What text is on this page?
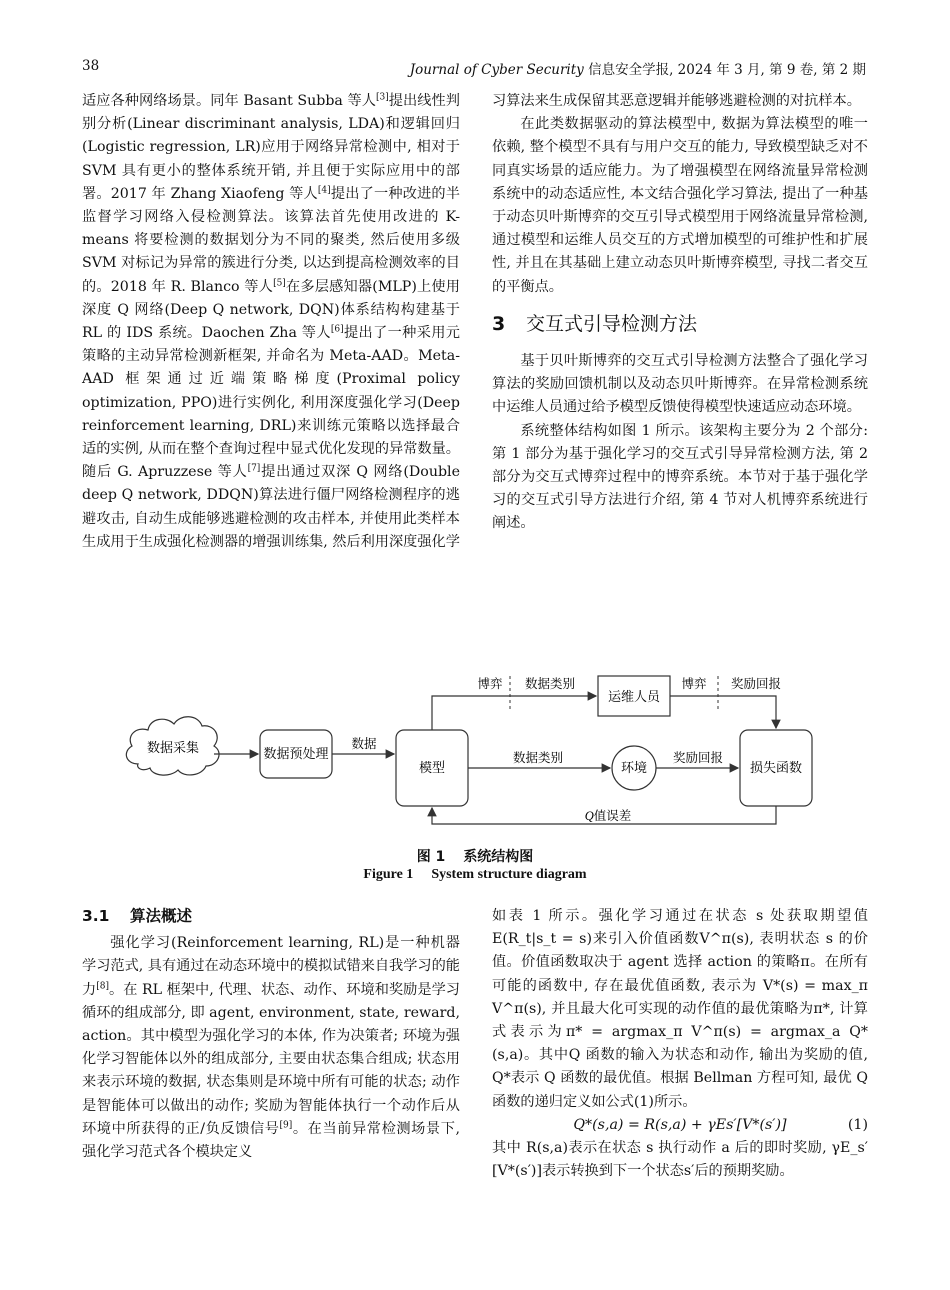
38	Journal of Cyber Security 信息安全学报, 2024 年 3 月, 第 9 卷, 第 2 期

适应各种网络场景。同年 Basant Subba 等人[3]提出线性判别分析(Linear discriminant analysis, LDA)和逻辑回归(Logistic regression, LR)应用于网络异常检测中, 相对于 SVM 具有更小的整体系统开销, 并且便于实际应用中的部署。2017 年 Zhang Xiaofeng 等人[4]提出了一种改进的半监督学习网络入侵检测算法。该算法首先使用改进的 K-means 将要检测的数据划分为不同的聚类, 然后使用多级 SVM 对标记为异常的簇进行分类, 以达到提高检测效率的目的。2018 年 R. Blanco 等人[5]在多层感知器(MLP)上使用深度 Q 网络(Deep Q network, DQN)体系结构构建基于 RL 的 IDS 系统。Daochen Zha 等人[6]提出了一种采用元策略的主动异常检测新框架, 并命名为 Meta-AAD。Meta-AAD 框架通过近端策略梯度(Proximal policy optimization, PPO)进行实例化, 利用深度强化学习(Deep reinforcement learning, DRL)来训练元策略以选择最合适的实例, 从而在整个查询过程中显式优化发现的异常数量。随后 G. Apruzzese 等人[7]提出通过双深 Q 网络(Double deep Q network, DDQN)算法进行僵尸网络检测程序的逃避攻击, 自动生成能够逃避检测的攻击样本, 并使用此类样本生成用于生成强化检测器的增强训练集, 然后利用深度强化学

习算法来生成保留其恶意逻辑并能够逃避检测的对抗样本。

在此类数据驱动的算法模型中, 数据为算法模型的唯一依赖, 整个模型不具有与用户交互的能力, 导致模型缺乏对不同真实场景的适应能力。为了增强模型在网络流量异常检测系统中的动态适应性, 本文结合强化学习算法, 提出了一种基于动态贝叶斯博弈的交互引导式模型用于网络流量异常检测, 通过模型和运维人员交互的方式增加模型的可维护性和扩展性, 并且在其基础上建立动态贝叶斯博弈模型, 寻找二者交互的平衡点。

3 交互式引导检测方法

基于贝叶斯博弈的交互式引导检测方法整合了强化学习算法的奖励回馈机制以及动态贝叶斯博弈。在异常检测系统中运维人员通过给予模型反馈使得模型快速适应动态环境。

系统整体结构如图 1 所示。该架构主要分为 2 个部分: 第 1 部分为基于强化学习的交互式引导异常检测方法, 第 2 部分为交互式博弈过程中的博弈系统。本节对于基于强化学习的交互式引导方法进行介绍, 第 4 节对人机博弈系统进行阐述。

数据采集	数据预处理
模型
运维人员
环境	损失函数
数据
博弈 数据类别	博弈 奖励回报
数据类别	奖励回报
Q值误差
图 1 系统结构图
Figure 1 System structure diagram
3.1 算法概述

强化学习(Reinforcement learning, RL)是一种机器学习范式, 具有通过在动态环境中的模拟试错来自我学习的能力[8]。在 RL 框架中, 代理、状态、动作、环境和奖励是学习循环的组成部分, 即 agent, environment, state, reward, action。其中模型为强化学习的本体, 作为决策者; 环境为强化学习智能体以外的组成部分, 主要由状态集合组成; 状态用来表示环境的数据, 状态集则是环境中所有可能的状态; 动作是智能体可以做出的动作; 奖励为智能体执行一个动作后从环境中所获得的正/负反馈信号[9]。在当前异常检测场景下, 强化学习范式各个模块定义

如表 1 所示。强化学习通过在状态 s 处获取期望值 E(R_t|s_t = s)来引入价值函数V^π(s), 表明状态 s 的价值。价值函数取决于 agent 选择 action 的策略π。在所有可能的函数中, 存在最优值函数, 表示为 V*(s) = max_π V^π(s), 并且最大化可实现的动作值的最优策略为π*, 计算式表示为π* = argmax_π V^π(s) = argmax_a Q*(s,a)。其中Q 函数的输入为状态和动作, 输出为奖励的值, Q*表示 Q 函数的最优值。根据 Bellman 方程可知, 最优 Q 函数的递归定义如公式(1)所示。

Q*(s,a) = R(s,a) + γEs′[V*(s′)]	(1)

其中 R(s,a)表示在状态 s 执行动作 a 后的即时奖励, γE_s′[V*(s′)]表示转换到下一个状态s′后的预期奖励。
